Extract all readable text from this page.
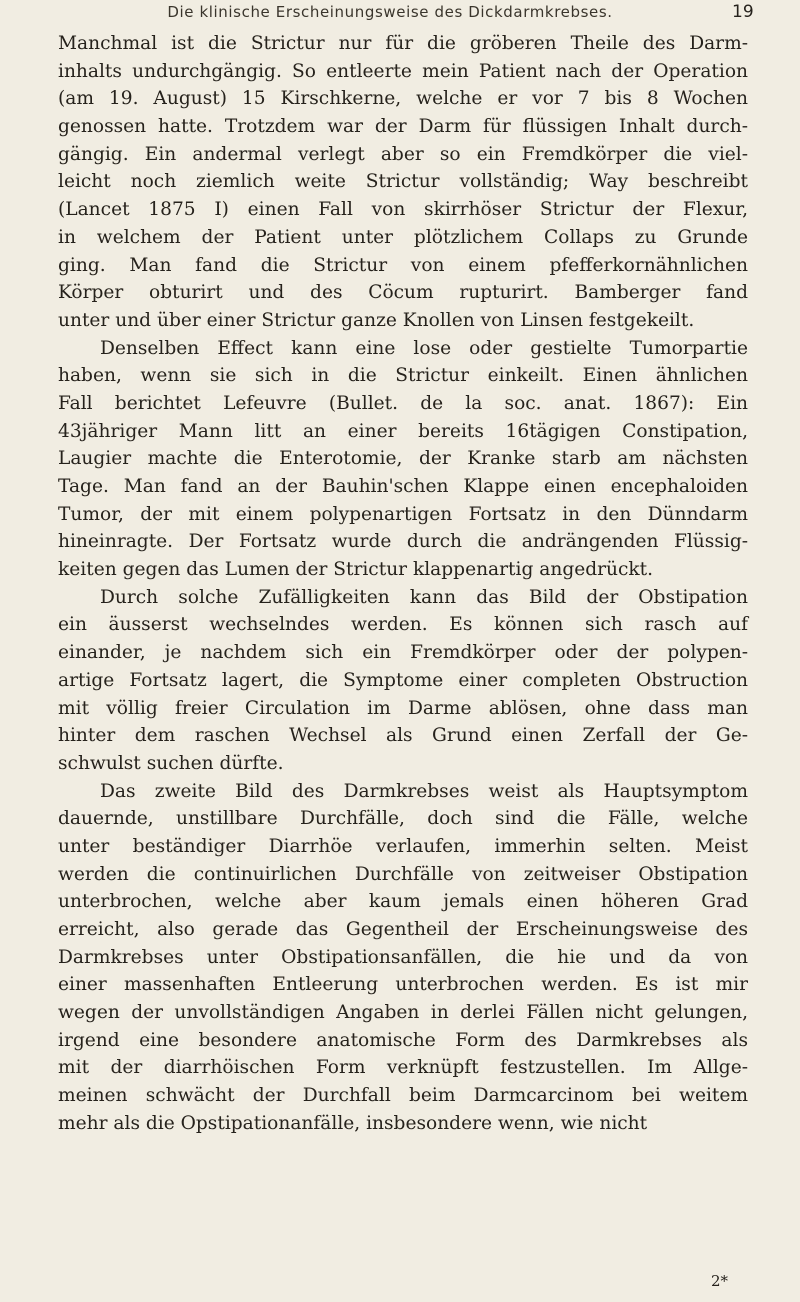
Die klinische Erscheinungsweise des Dickdarmkrebses.	19
Manchmal ist die Strictur nur für die gröberen Theile des Darm-
inhalts undurchgängig. So entleerte mein Patient nach der Operation
(am 19. August) 15 Kirschkerne, welche er vor 7 bis 8 Wochen
genossen hatte. Trotzdem war der Darm für flüssigen Inhalt durch-
gängig. Ein andermal verlegt aber so ein Fremdkörper die viel-
leicht noch ziemlich weite Strictur vollständig; Way beschreibt
(Lancet 1875 I) einen Fall von skirrhöser Strictur der Flexur,
in welchem der Patient unter plötzlichem Collaps zu Grunde
ging. Man fand die Strictur von einem pfefferkornähnlichen
Körper obturirt und des Cöcum rupturirt. Bamberger fand
unter und über einer Strictur ganze Knollen von Linsen festgekeilt.
Denselben Effect kann eine lose oder gestielte Tumorpartie
haben, wenn sie sich in die Strictur einkeilt. Einen ähnlichen
Fall berichtet Lefeuvre (Bullet. de la soc. anat. 1867): Ein
43jähriger Mann litt an einer bereits 16tägigen Constipation,
Laugier machte die Enterotomie, der Kranke starb am nächsten
Tage. Man fand an der Bauhin'schen Klappe einen encephaloiden
Tumor, der mit einem polypenartigen Fortsatz in den Dünndarm
hineinragte. Der Fortsatz wurde durch die andrängenden Flüssig-
keiten gegen das Lumen der Strictur klappenartig angedrückt.
Durch solche Zufälligkeiten kann das Bild der Obstipation
ein äusserst wechselndes werden. Es können sich rasch auf
einander, je nachdem sich ein Fremdkörper oder der polypen-
artige Fortsatz lagert, die Symptome einer completen Obstruction
mit völlig freier Circulation im Darme ablösen, ohne dass man
hinter dem raschen Wechsel als Grund einen Zerfall der Ge-
schwulst suchen dürfte.
Das zweite Bild des Darmkrebses weist als Hauptsymptom
dauernde, unstillbare Durchfälle, doch sind die Fälle, welche
unter beständiger Diarrhöe verlaufen, immerhin selten. Meist
werden die continuirlichen Durchfälle von zeitweiser Obstipation
unterbrochen, welche aber kaum jemals einen höheren Grad
erreicht, also gerade das Gegentheil der Erscheinungsweise des
Darmkrebses unter Obstipationsanfällen, die hie und da von
einer massenhaften Entleerung unterbrochen werden. Es ist mir
wegen der unvollständigen Angaben in derlei Fällen nicht gelungen,
irgend eine besondere anatomische Form des Darmkrebses als
mit der diarrhöischen Form verknüpft festzustellen. Im Allge-
meinen schwächt der Durchfall beim Darmcarcinom bei weitem
mehr als die Opstipationanfälle, insbesondere wenn, wie nicht
2*
